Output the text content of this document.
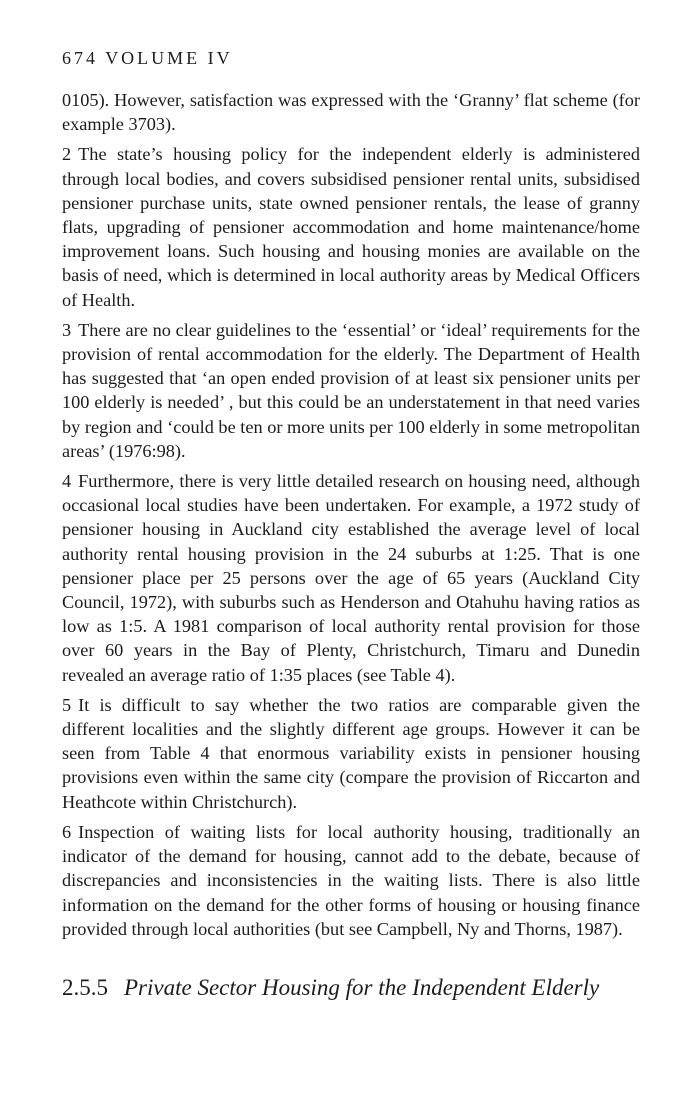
674 VOLUME IV

0105). However, satisfaction was expressed with the ‘Granny’ flat scheme (for example 3703).

2 The state’s housing policy for the independent elderly is administered through local bodies, and covers subsidised pensioner rental units, subsidised pensioner purchase units, state owned pensioner rentals, the lease of granny flats, upgrading of pensioner accommodation and home maintenance/home improvement loans. Such housing and housing monies are available on the basis of need, which is determined in local authority areas by Medical Officers of Health.

3 There are no clear guidelines to the ‘essential’ or ‘ideal’ requirements for the provision of rental accommodation for the elderly. The Department of Health has suggested that ‘an open ended provision of at least six pensioner units per 100 elderly is needed’ , but this could be an understatement in that need varies by region and ‘could be ten or more units per 100 elderly in some metropolitan areas’ (1976:98).

4 Furthermore, there is very little detailed research on housing need, although occasional local studies have been undertaken. For example, a 1972 study of pensioner housing in Auckland city established the average level of local authority rental housing provision in the 24 suburbs at 1:25. That is one pensioner place per 25 persons over the age of 65 years (Auckland City Council, 1972), with suburbs such as Henderson and Otahuhu having ratios as low as 1:5. A 1981 comparison of local authority rental provision for those over 60 years in the Bay of Plenty, Christchurch, Timaru and Dunedin revealed an average ratio of 1:35 places (see Table 4).

5 It is difficult to say whether the two ratios are comparable given the different localities and the slightly different age groups. However it can be seen from Table 4 that enormous variability exists in pensioner housing provisions even within the same city (compare the provision of Riccarton and Heathcote within Christchurch).

6 Inspection of waiting lists for local authority housing, traditionally an indicator of the demand for housing, cannot add to the debate, because of discrepancies and inconsistencies in the waiting lists. There is also little information on the demand for the other forms of housing or housing finance provided through local authorities (but see Campbell, Ny and Thorns, 1987).

2.5.5 Private Sector Housing for the Independent Elderly
